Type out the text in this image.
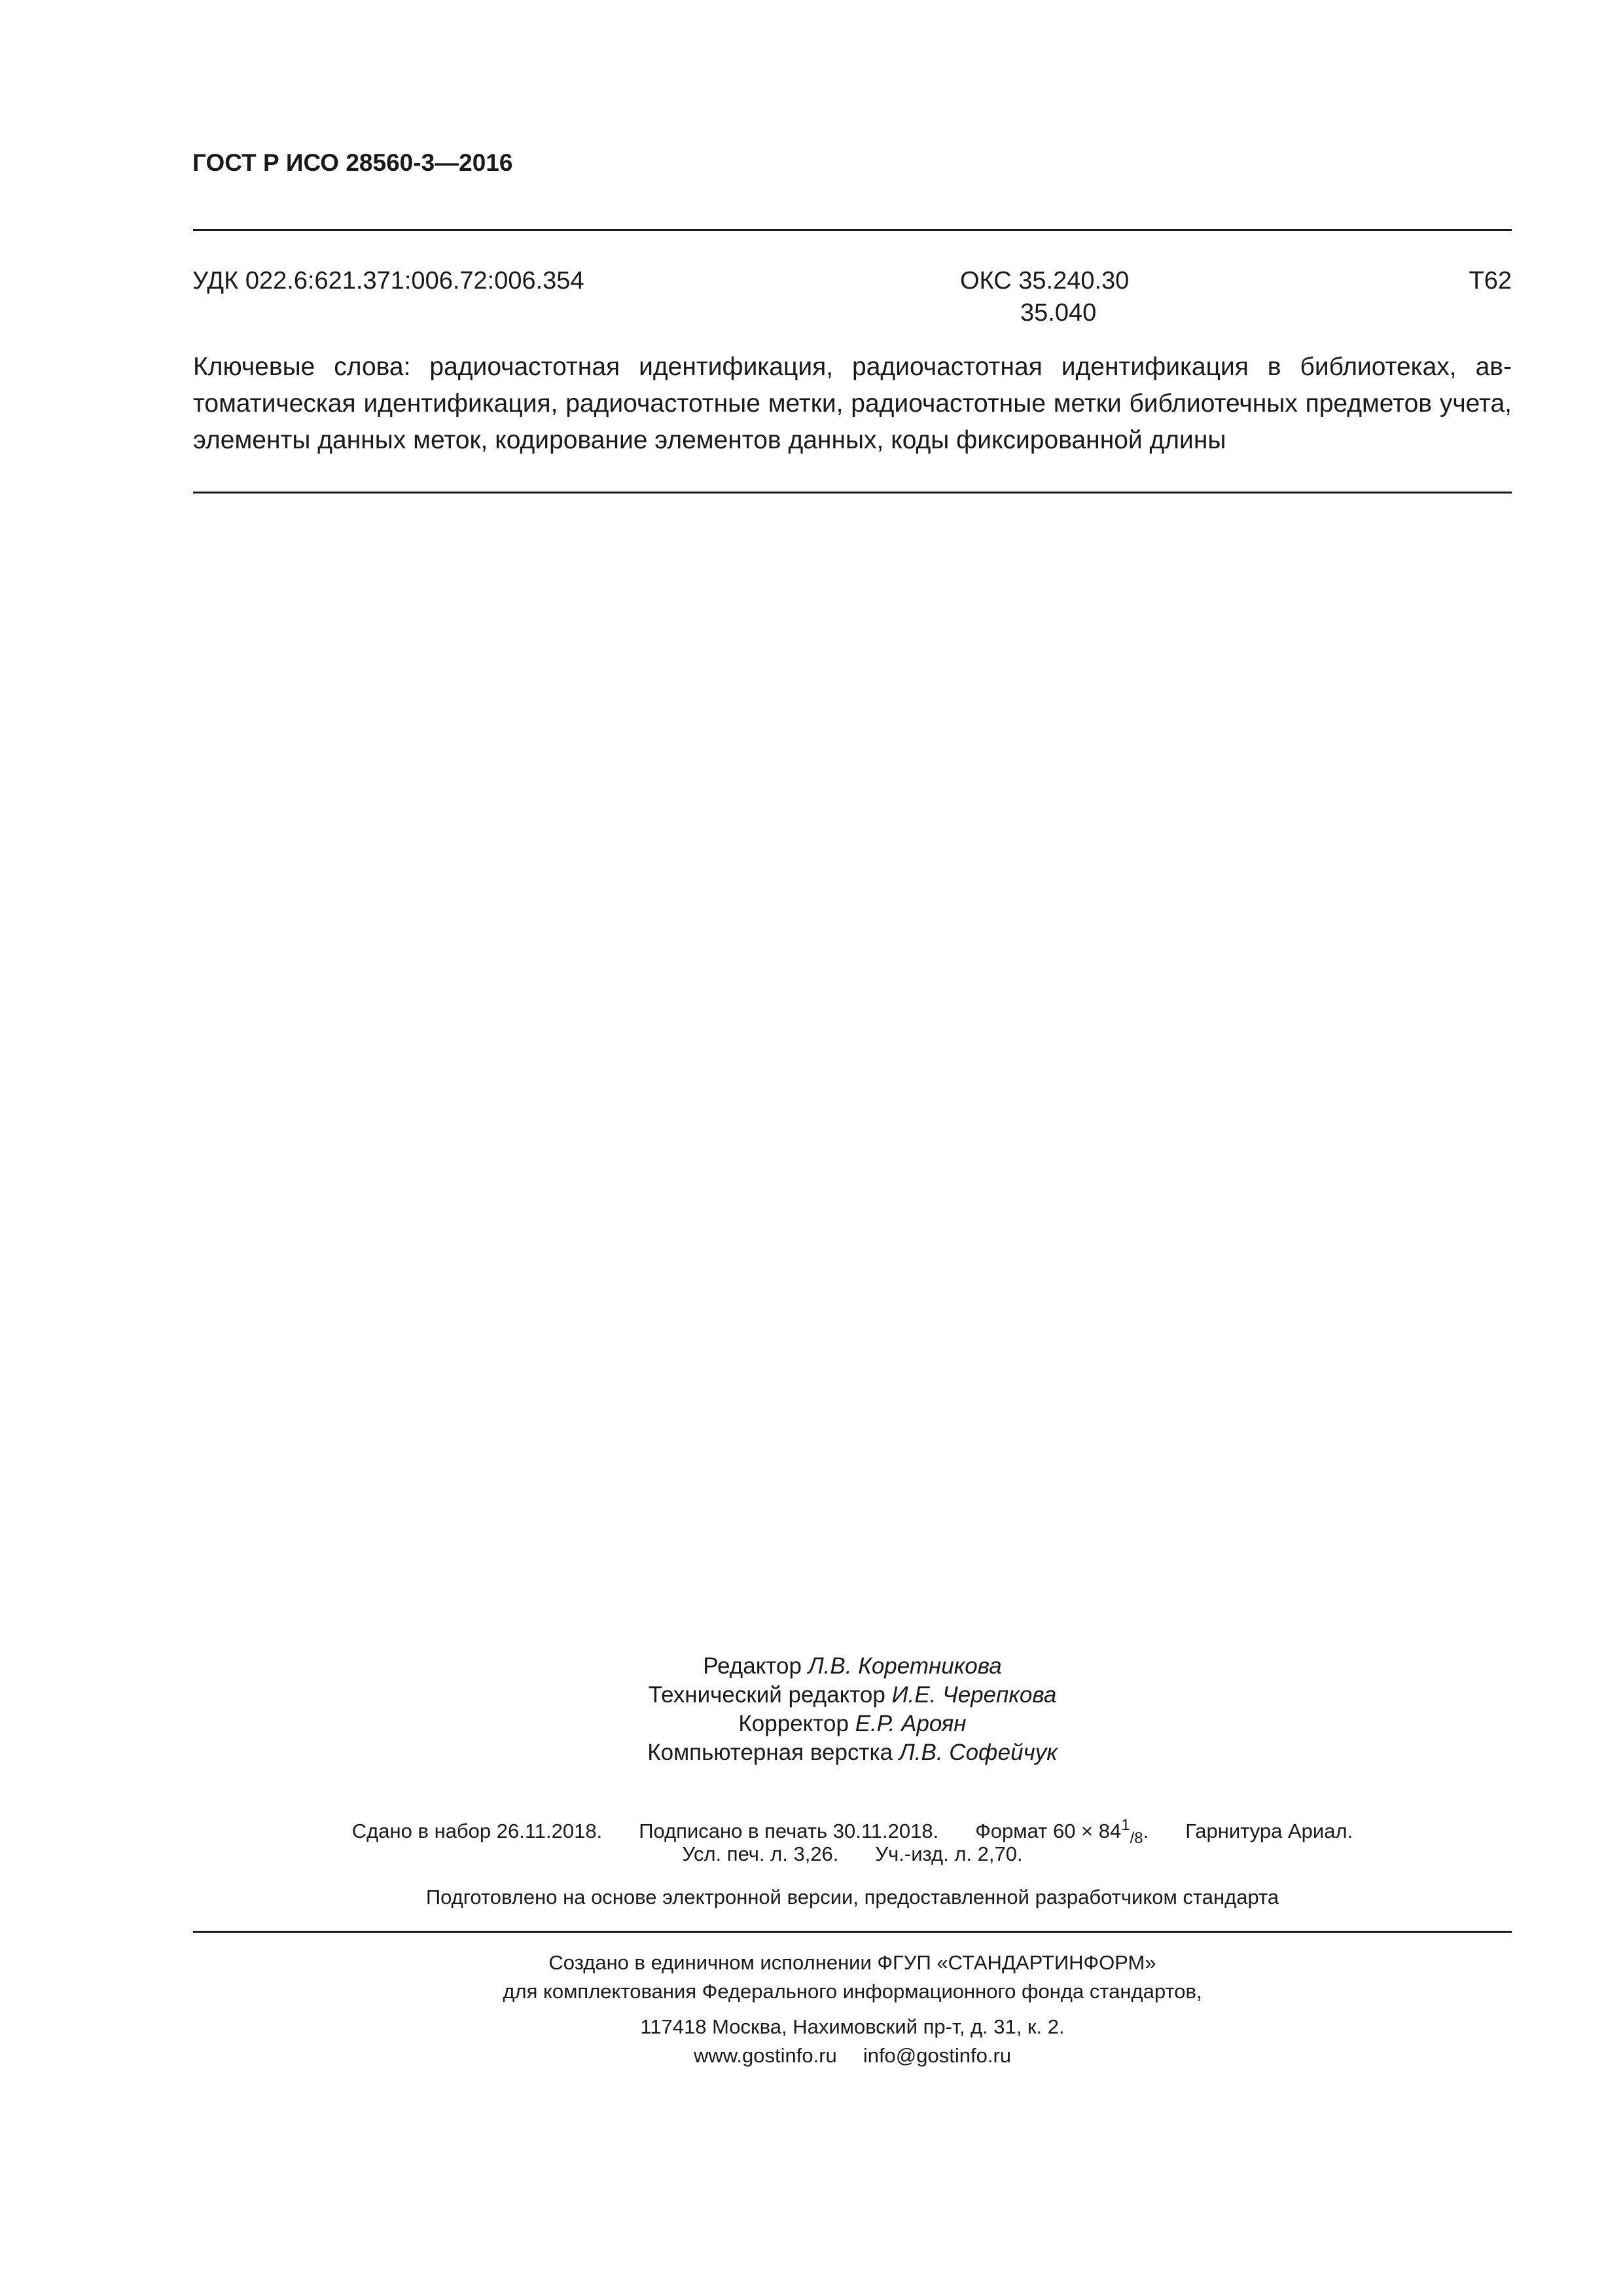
ГОСТ Р ИСО 28560-3—2016
УДК 022.6:621.371:006.72:006.354	ОКС 35.240.30
35.040
Т62
Ключевые слова: радиочастотная идентификация, радиочастотная идентификация в библиотеках, автоматическая идентификация, радиочастотные метки, радиочастотные метки библиотечных предметов учета, элементы данных меток, кодирование элементов данных, коды фиксированной длины
Редактор Л.В. Коретникова
Технический редактор И.Е. Черепкова
Корректор Е.Р. Ароян
Компьютерная верстка Л.В. Софейчук
Сдано в набор 26.11.2018. Подписано в печать 30.11.2018. Формат $60 \times 84^1_{/8}$. Гарнитура Ариал.
Усл. печ. л. 3,26. Уч.-изд. л. 2,70.
Подготовлено на основе электронной версии, предоставленной разработчиком стандарта
Создано в единичном исполнении ФГУП «СТАНДАРТИНФОРМ»
для комплектования Федерального информационного фонда стандартов,
117418 Москва, Нахимовский пр-т, д. 31, к. 2.
www.gostinfo.ru info@gostinfo.ru
